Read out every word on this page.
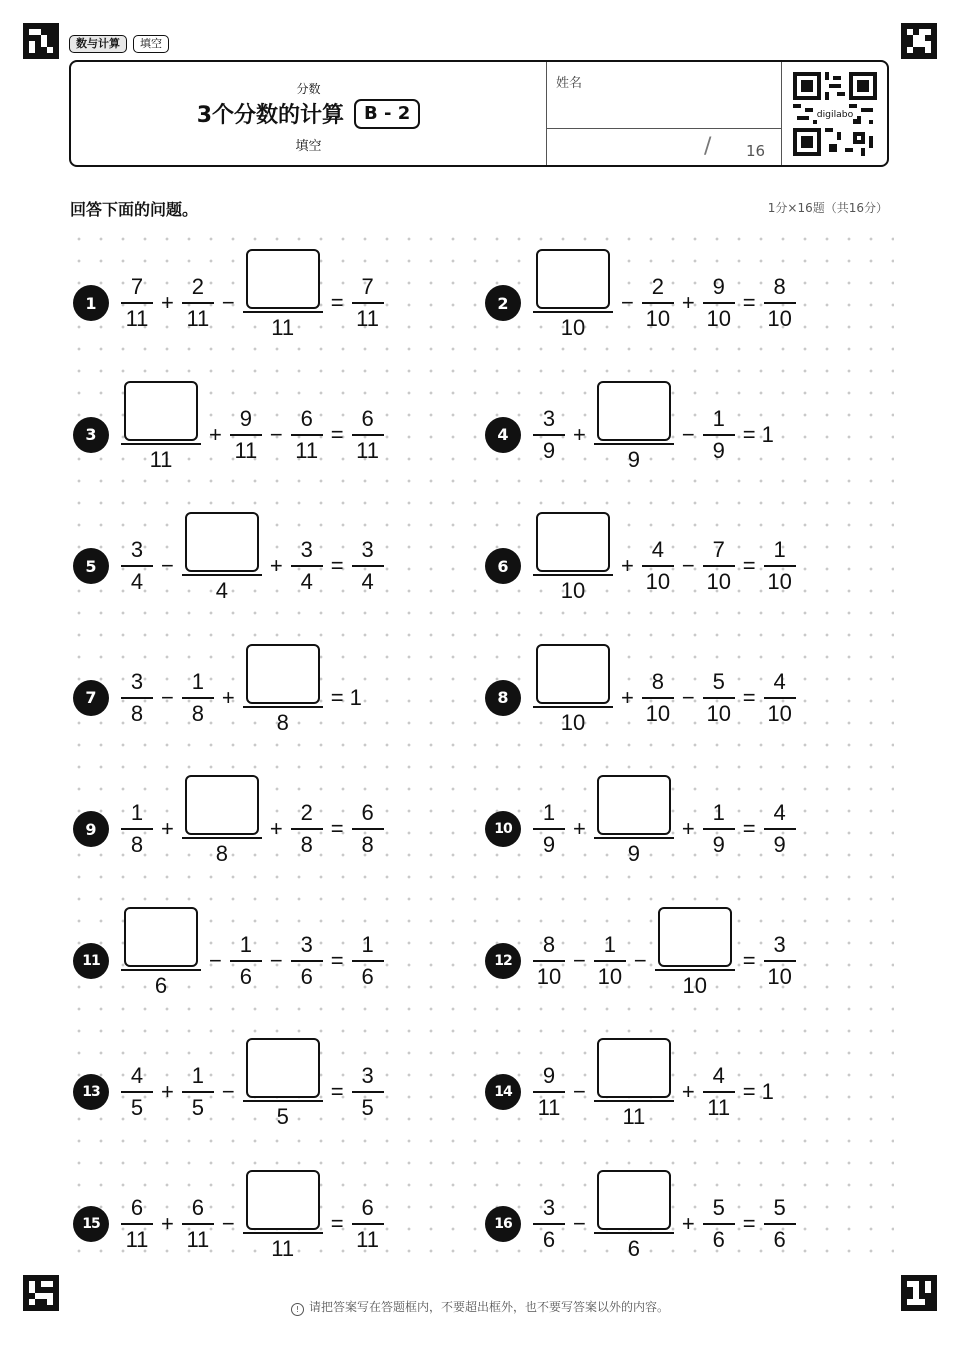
数与计算	填空
分数
3个分数的计算	B - 2
填空
姓名
/ 16
digilabo
回答下面的问题。	1分×16题（共16分）
1	$\frac{7}{11} + \frac{2}{11}$ −
11
= $\frac{7}{11}$	2
10
− $\frac{2}{10} + \frac{9}{10} = \frac{8}{10}$
3
11
+ $\frac{9}{11} - \frac{6}{11} = \frac{6}{11}$	4	$\frac{3}{9}$ +
9
− $\frac{1}{9} = 1$
5	$\frac{3}{4}$ −
4
+ $\frac{3}{4} = \frac{3}{4}$	6
10
+ $\frac{4}{10} - \frac{7}{10} = \frac{1}{10}$
7	$\frac{3}{8} - \frac{1}{8}$ +
8
= 1	8
10
+ $\frac{8}{10} - \frac{5}{10} = \frac{4}{10}$
9	$\frac{1}{8}$ +
8
+ $\frac{2}{8} = \frac{6}{8}$	$10 \frac{1}{9}$ +
9
+ $\frac{1}{9} = \frac{4}{9}$
11
6
− $\frac{1}{6} - \frac{3}{6} = \frac{1}{6}$	$12 \frac{8}{10} - \frac{1}{10}$ −
10
= $\frac{3}{10}$
$13 \frac{4}{5} + \frac{1}{5}$ −
5
= $\frac{3}{5}$	$14 \frac{9}{11}$ −
11
+ $\frac{4}{11} = 1$
$15 \frac{6}{11} + \frac{6}{11}$ −
11
= $\frac{6}{11}$	$16 \frac{3}{6}$ −
6
+ $\frac{5}{6} = \frac{5}{6}$
! 请把答案写在答题框内，不要超出框外，也不要写答案以外的内容。
